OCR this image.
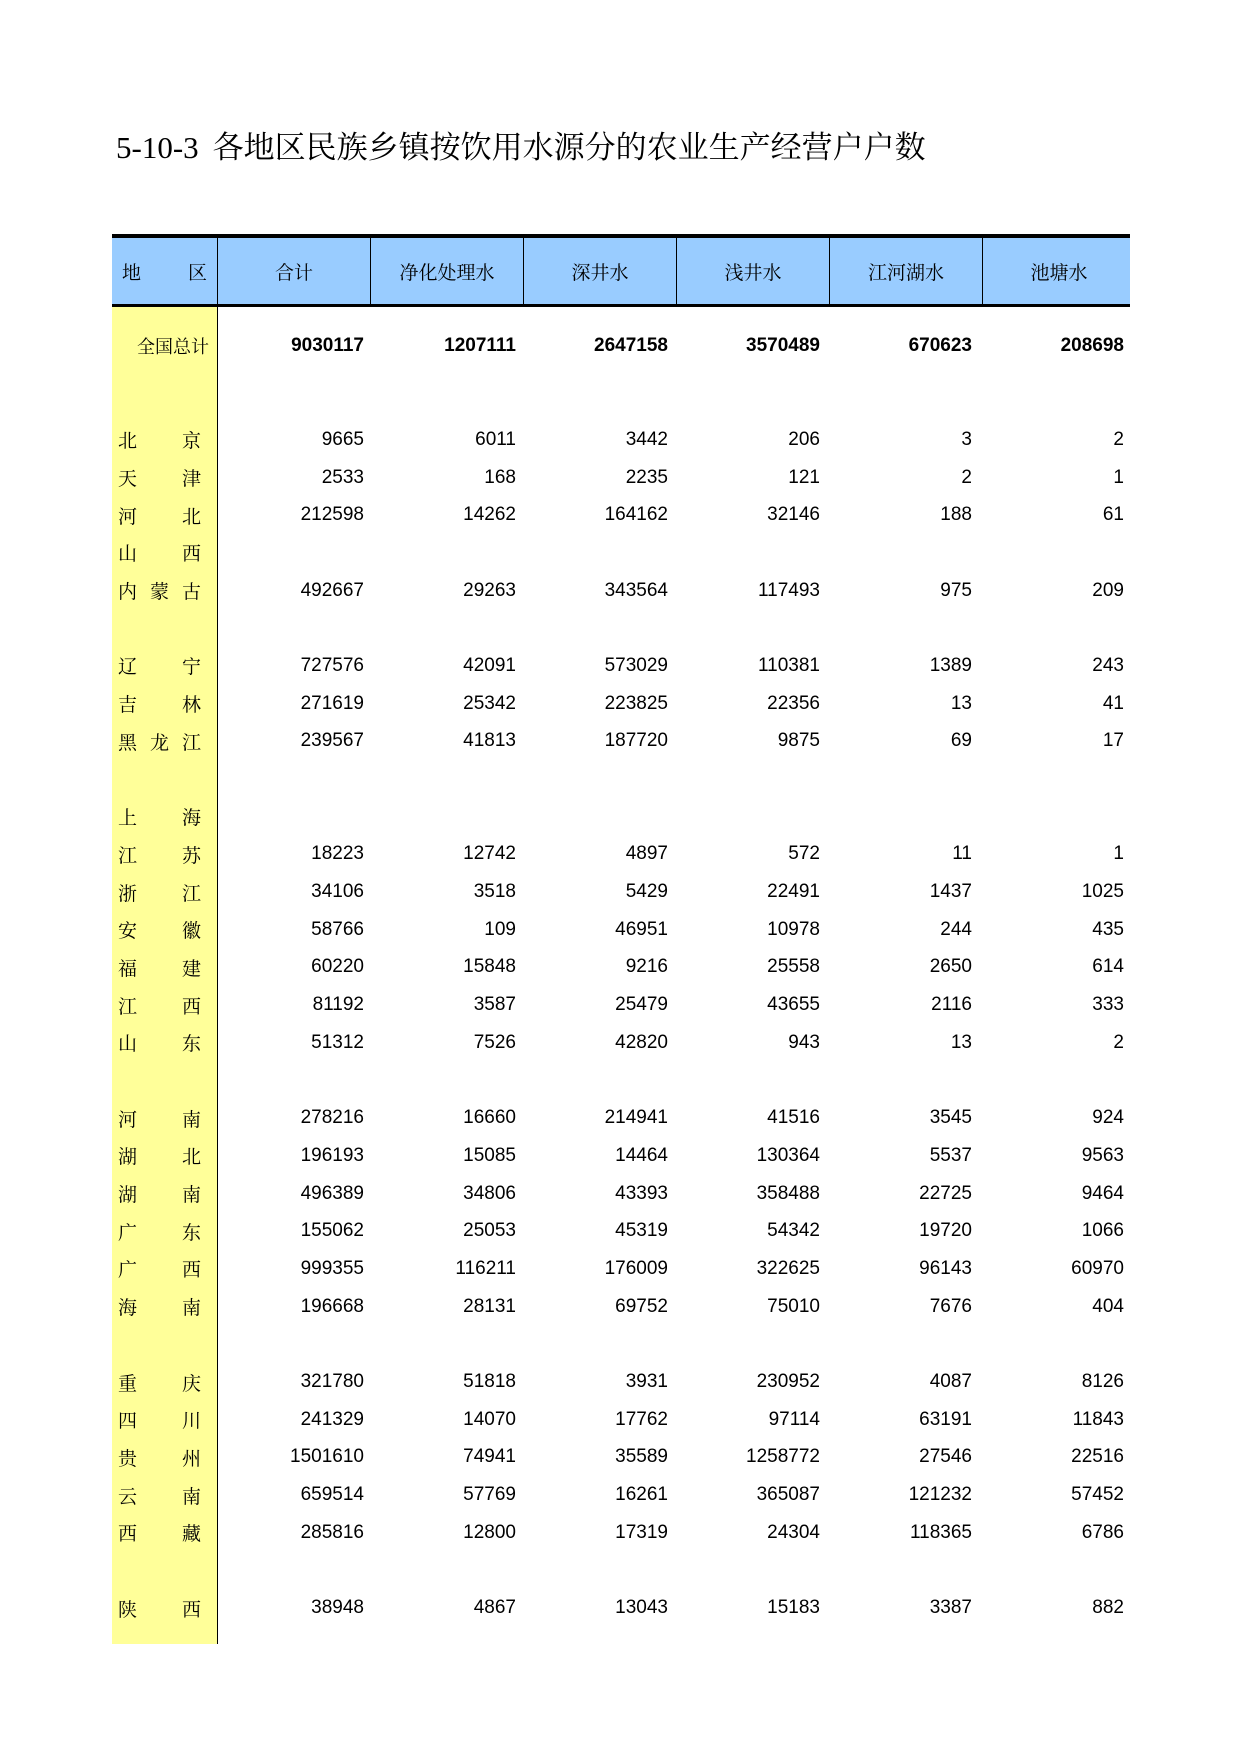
5-10-3 各地区民族乡镇按饮用水源分的农业生产经营户户数
地 区	合计	净化处理水	深井水	浅井水	江河湖水	池塘水
全国总计	9030117	1207111	2647158	3570489	670623	208698
北 京	9665	6011	3442	206	3	2
天 津	2533	168	2235	121	2	1
河 北	212598	14262	164162	32146	188	61
山 西
内 蒙 古	492667	29263	343564	117493	975	209
辽 宁	727576	42091	573029	110381	1389	243
吉 林	271619	25342	223825	22356	13	41
黑 龙 江	239567	41813	187720	9875	69	17
上 海
江 苏	18223	12742	4897	572	11	1
浙 江	34106	3518	5429	22491	1437	1025
安 徽	58766	109	46951	10978	244	435
福 建	60220	15848	9216	25558	2650	614
江 西	81192	3587	25479	43655	2116	333
山 东	51312	7526	42820	943	13	2
河 南	278216	16660	214941	41516	3545	924
湖 北	196193	15085	14464	130364	5537	9563
湖 南	496389	34806	43393	358488	22725	9464
广 东	155062	25053	45319	54342	19720	1066
广 西	999355	116211	176009	322625	96143	60970
海 南	196668	28131	69752	75010	7676	404
重 庆	321780	51818	3931	230952	4087	8126
四 川	241329	14070	17762	97114	63191	11843
贵 州	1501610	74941	35589	1258772	27546	22516
云 南	659514	57769	16261	365087	121232	57452
西 藏	285816	12800	17319	24304	118365	6786
陕 西	38948	4867	13043	15183	3387	882
